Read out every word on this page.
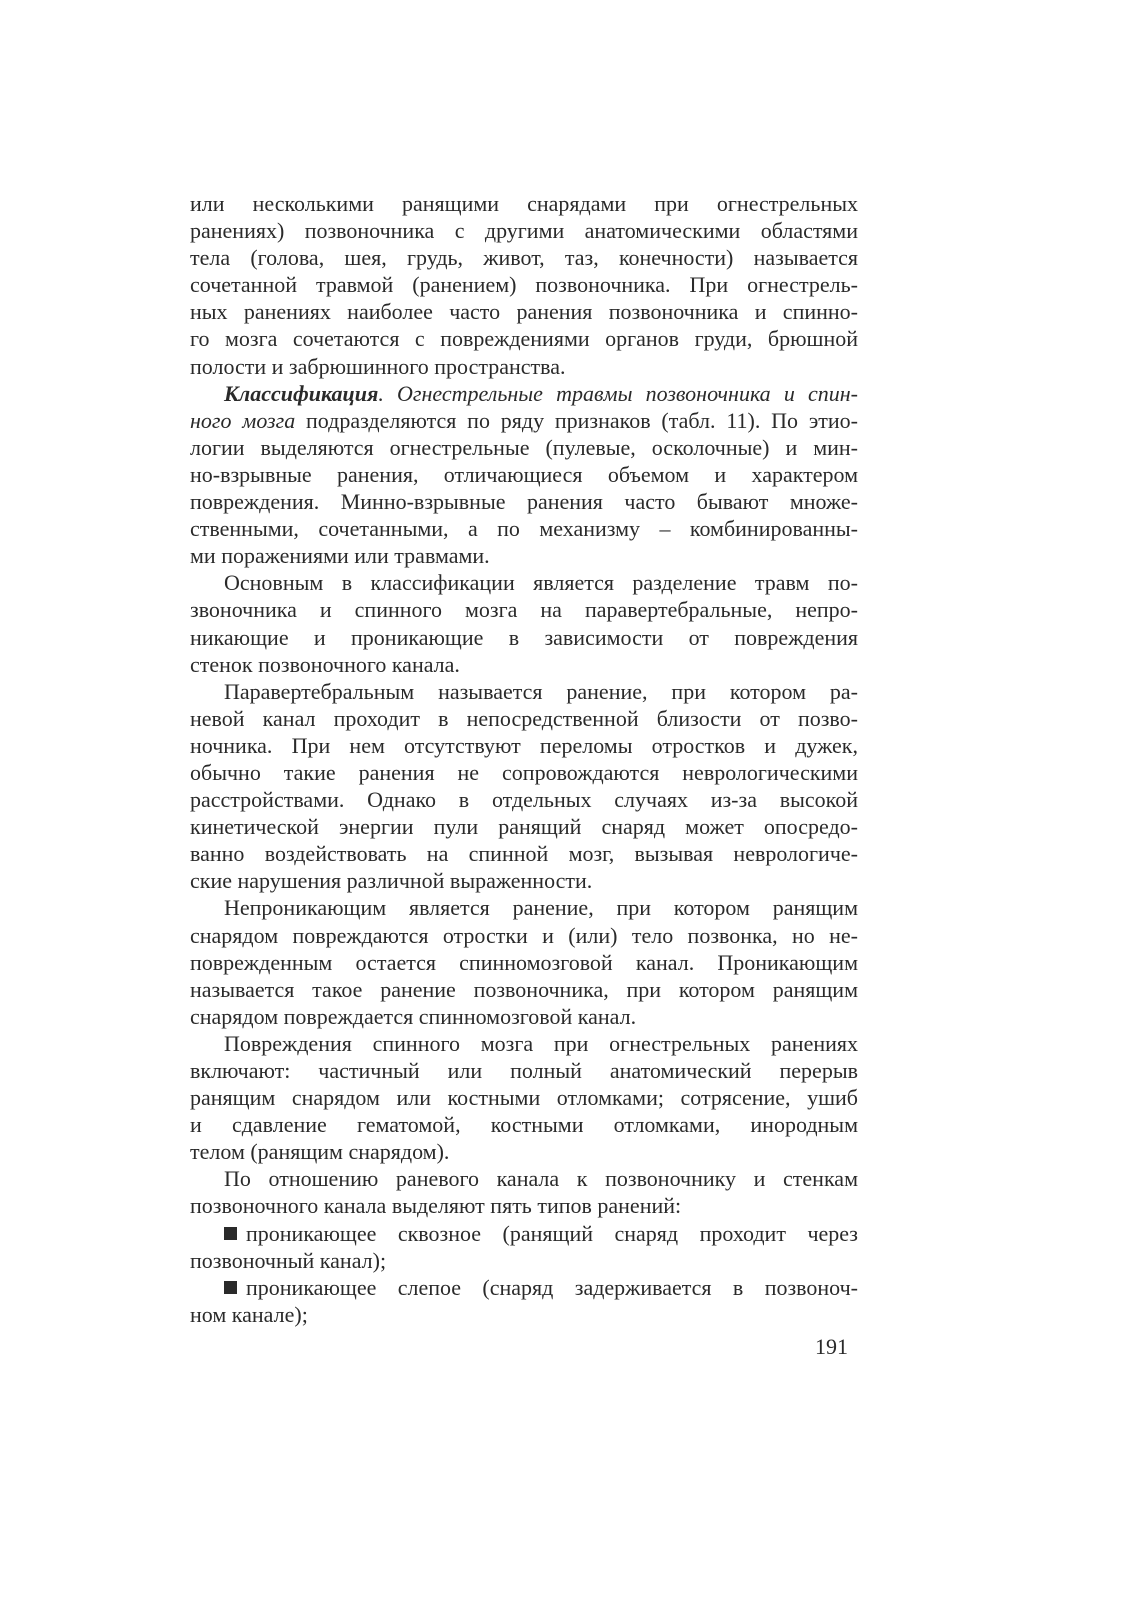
или несколькими ранящими снарядами при огнестрельных
ранениях) позвоночника с другими анатомическими областями
тела (голова, шея, грудь, живот, таз, конечности) называется
сочетанной травмой (ранением) позвоночника. При огнестрель-
ных ранениях наиболее часто ранения позвоночника и спинно-
го мозга сочетаются с повреждениями органов груди, брюшной
полости и забрюшинного пространства.
Классификация. Огнестрельные травмы позвоночника и спин-
ного мозга подразделяются по ряду признаков (табл. 11). По этио-
логии выделяются огнестрельные (пулевые, осколочные) и мин-
но-взрывные ранения, отличающиеся объемом и характером
повреждения. Минно-взрывные ранения часто бывают множе-
ственными, сочетанными, а по механизму – комбинированны-
ми поражениями или травмами.
Основным в классификации является разделение травм по-
звоночника и спинного мозга на паравертебральные, непро-
никающие и проникающие в зависимости от повреждения
стенок позвоночного канала.
Паравертебральным называется ранение, при котором ра-
невой канал проходит в непосредственной близости от позво-
ночника. При нем отсутствуют переломы отростков и дужек,
обычно такие ранения не сопровождаются неврологическими
расстройствами. Однако в отдельных случаях из-за высокой
кинетической энергии пули ранящий снаряд может опосредо-
ванно воздействовать на спинной мозг, вызывая неврологиче-
ские нарушения различной выраженности.
Непроникающим является ранение, при котором ранящим
снарядом повреждаются отростки и (или) тело позвонка, но не-
поврежденным остается спинномозговой канал. Проникающим
называется такое ранение позвоночника, при котором ранящим
снарядом повреждается спинномозговой канал.
Повреждения спинного мозга при огнестрельных ранениях
включают: частичный или полный анатомический перерыв
ранящим снарядом или костными отломками; сотрясение, ушиб
и сдавление гематомой, костными отломками, инородным
телом (ранящим снарядом).
По отношению раневого канала к позвоночнику и стенкам
позвоночного канала выделяют пять типов ранений:
проникающее сквозное (ранящий снаряд проходит через
позвоночный канал);
проникающее слепое (снаряд задерживается в позвоноч-
ном канале);
191
